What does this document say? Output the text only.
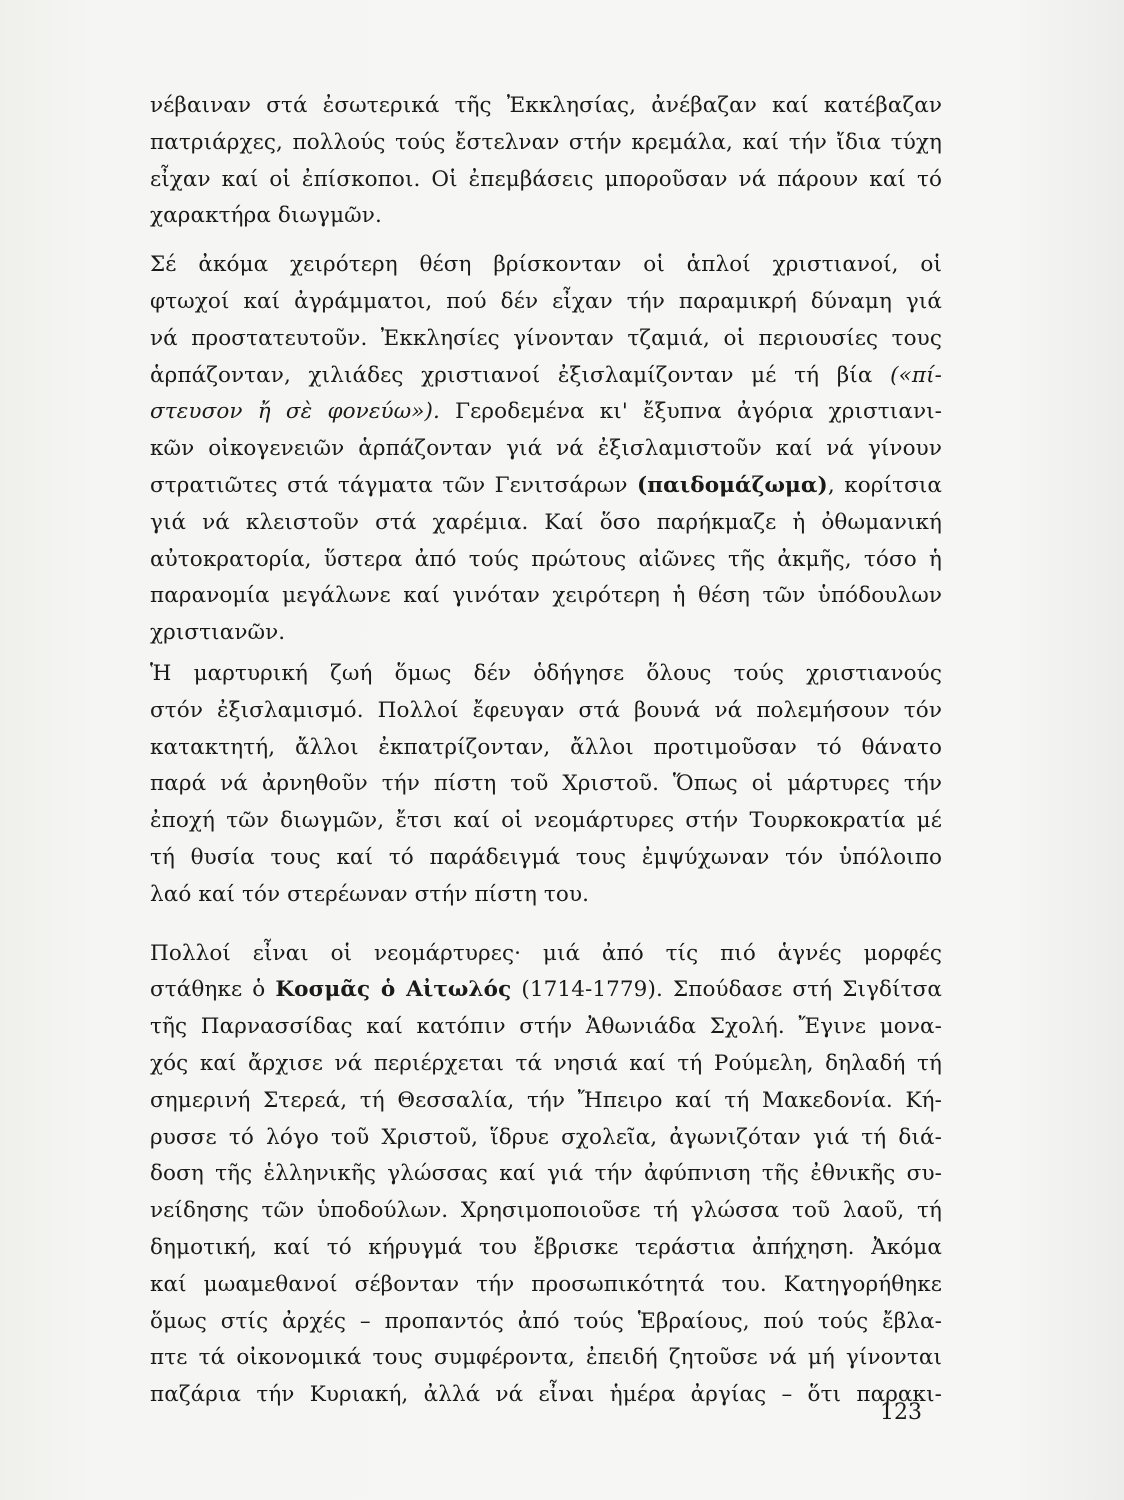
νέβαιναν στά ἐσωτερικά τῆς Ἐκκλησίας, ἀνέβαζαν καί κατέβαζαν
πατριάρχες, πολλούς τούς ἔστελναν στήν κρεμάλα, καί τήν ἴδια τύχη
εἶχαν καί οἱ ἐπίσκοποι. Οἱ ἐπεμβάσεις μποροῦσαν νά πάρουν καί τό
χαρακτήρα διωγμῶν.
Σέ ἀκόμα χειρότερη θέση βρίσκονταν οἱ ἁπλοί χριστιανοί, οἱ
φτωχοί καί ἀγράμματοι, πού δέν εἶχαν τήν παραμικρή δύναμη γιά
νά προστατευτοῦν. Ἐκκλησίες γίνονταν τζαμιά, οἱ περιουσίες τους
ἁρπάζονταν, χιλιάδες χριστιανοί ἐξισλαμίζονταν μέ τή βία («πί-
στευσον ἤ σὲ φονεύω»). Γεροδεμένα κι' ἔξυπνα ἀγόρια χριστιανι-
κῶν οἰκογενειῶν ἁρπάζονταν γιά νά ἐξισλαμιστοῦν καί νά γίνουν
στρατιῶτες στά τάγματα τῶν Γενιτσάρων (παιδομάζωμα), κορίτσια
γιά νά κλειστοῦν στά χαρέμια. Καί ὅσο παρήκμαζε ἡ ὀθωμανική
αὐτοκρατορία, ὕστερα ἀπό τούς πρώτους αἰῶνες τῆς ἀκμῆς, τόσο ἡ
παρανομία μεγάλωνε καί γινόταν χειρότερη ἡ θέση τῶν ὑπόδουλων
χριστιανῶν.
Ἡ μαρτυρική ζωή ὅμως δέν ὁδήγησε ὅλους τούς χριστιανούς
στόν ἐξισλαμισμό. Πολλοί ἔφευγαν στά βουνά νά πολεμήσουν τόν
κατακτητή, ἄλλοι ἐκπατρίζονταν, ἄλλοι προτιμοῦσαν τό θάνατο
παρά νά ἀρνηθοῦν τήν πίστη τοῦ Χριστοῦ. Ὅπως οἱ μάρτυρες τήν
ἐποχή τῶν διωγμῶν, ἔτσι καί οἱ νεομάρτυρες στήν Τουρκοκρατία μέ
τή θυσία τους καί τό παράδειγμά τους ἐμψύχωναν τόν ὑπόλοιπο
λαό καί τόν στερέωναν στήν πίστη του.
Πολλοί εἶναι οἱ νεομάρτυρες· μιά ἀπό τίς πιό ἁγνές μορφές
στάθηκε ὁ Κοσμᾶς ὁ Αἰτωλός (1714-1779). Σπούδασε στή Σιγδίτσα
τῆς Παρνασσίδας καί κατόπιν στήν Ἀθωνιάδα Σχολή. Ἔγινε μονα-
χός καί ἄρχισε νά περιέρχεται τά νησιά καί τή Ρούμελη, δηλαδή τή
σημερινή Στερεά, τή Θεσσαλία, τήν Ἤπειρο καί τή Μακεδονία. Κή-
ρυσσε τό λόγο τοῦ Χριστοῦ, ἵδρυε σχολεῖα, ἀγωνιζόταν γιά τή διά-
δοση τῆς ἑλληνικῆς γλώσσας καί γιά τήν ἀφύπνιση τῆς ἐθνικῆς συ-
νείδησης τῶν ὑποδούλων. Χρησιμοποιοῦσε τή γλώσσα τοῦ λαοῦ, τή
δημοτική, καί τό κήρυγμά του ἔβρισκε τεράστια ἀπήχηση. Ἀκόμα
καί μωαμεθανοί σέβονταν τήν προσωπικότητά του. Κατηγορήθηκε
ὅμως στίς ἀρχές – προπαντός ἀπό τούς Ἑβραίους, πού τούς ἔβλα-
πτε τά οἰκονομικά τους συμφέροντα, ἐπειδή ζητοῦσε νά μή γίνονται
παζάρια τήν Κυριακή, ἀλλά νά εἶναι ἡμέρα ἀργίας – ὅτι παρακι-
123
